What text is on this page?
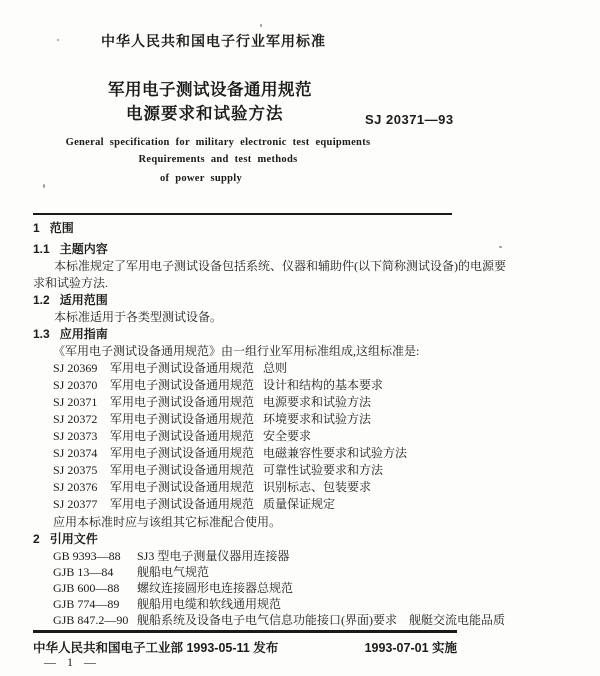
中华人民共和国电子行业军用标准
军用电子测试设备通用规范
电源要求和试验方法	SJ 20371—93
General specification for military electronic test equipments
Requirements and test methods
of power supply
1 范围
1.1 主题内容
本标准规定了军用电子测试设备包括系统、仪器和辅助件(以下简称测试设备)的电源要
求和试验方法.
1.2 适用范围
本标准适用于各类型测试设备。
1.3 应用指南
《军用电子测试设备通用规范》由一组行业军用标准组成,这组标准是:
SJ 20369	军用电子测试设备通用规范 总则
SJ 20370	军用电子测试设备通用规范 设计和结构的基本要求
SJ 20371	军用电子测试设备通用规范 电源要求和试验方法
SJ 20372	军用电子测试设备通用规范 环境要求和试验方法
SJ 20373	军用电子测试设备通用规范 安全要求
SJ 20374	军用电子测试设备通用规范 电磁兼容性要求和试验方法
SJ 20375	军用电子测试设备通用规范 可靠性试验要求和方法
SJ 20376	军用电子测试设备通用规范 识别标志、包装要求
SJ 20377	军用电子测试设备通用规范 质量保证规定
应用本标准时应与该组其它标准配合使用。
2 引用文件
GB 9393—88	SJ3 型电子测量仪器用连接器
GJB 13—84	舰船电气规范
GJB 600—88	螺纹连接圆形电连接器总规范
GJB 774—89	舰船用电缆和软线通用规范
GJB 847.2—90 舰船系统及设备电子电气信息功能接口(界面)要求　舰艇交流电能品质
中华人民共和国电子工业部 1993-05-11 发布	1993-07-01 实施
— 1 —
